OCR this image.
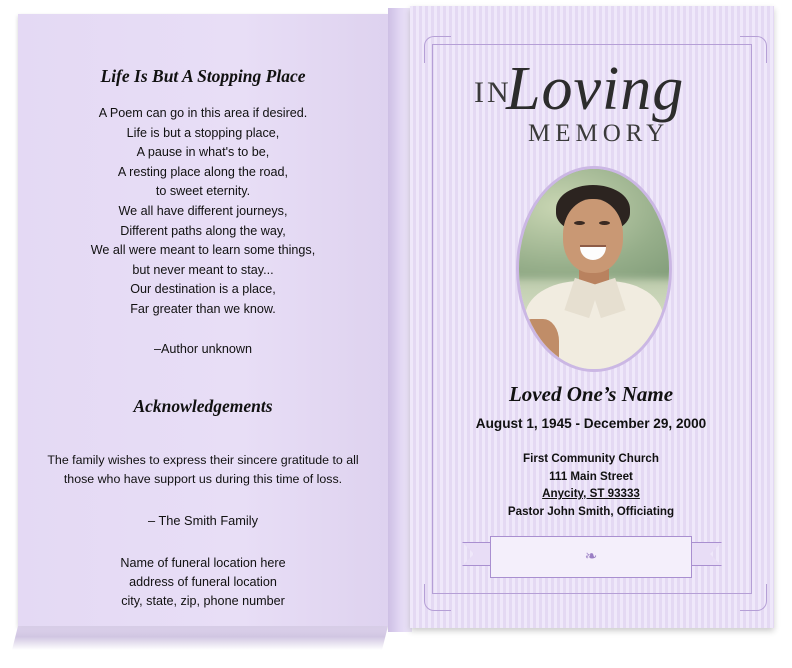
Life Is But A Stopping Place
A Poem can go in this area if desired.
Life is but a stopping place,
A pause in what's to be,
A resting place along the road,
to sweet eternity.
We all have different journeys,
Different paths along the way,
We all were meant to learn some things,
but never meant to stay...
Our destination is a place,
Far greater than we know.
–Author unknown
Acknowledgements
The family wishes to express their sincere gratitude to all those who have support us during this time of loss.
– The Smith Family
Name of funeral location here
address of funeral location
city, state, zip, phone number
IN
Loving
MEMORY
Loved One’s Name
August 1, 1945 - December 29, 2000
First Community Church
111 Main Street
Anycity, ST 93333
Pastor John Smith, Officiating
❧
